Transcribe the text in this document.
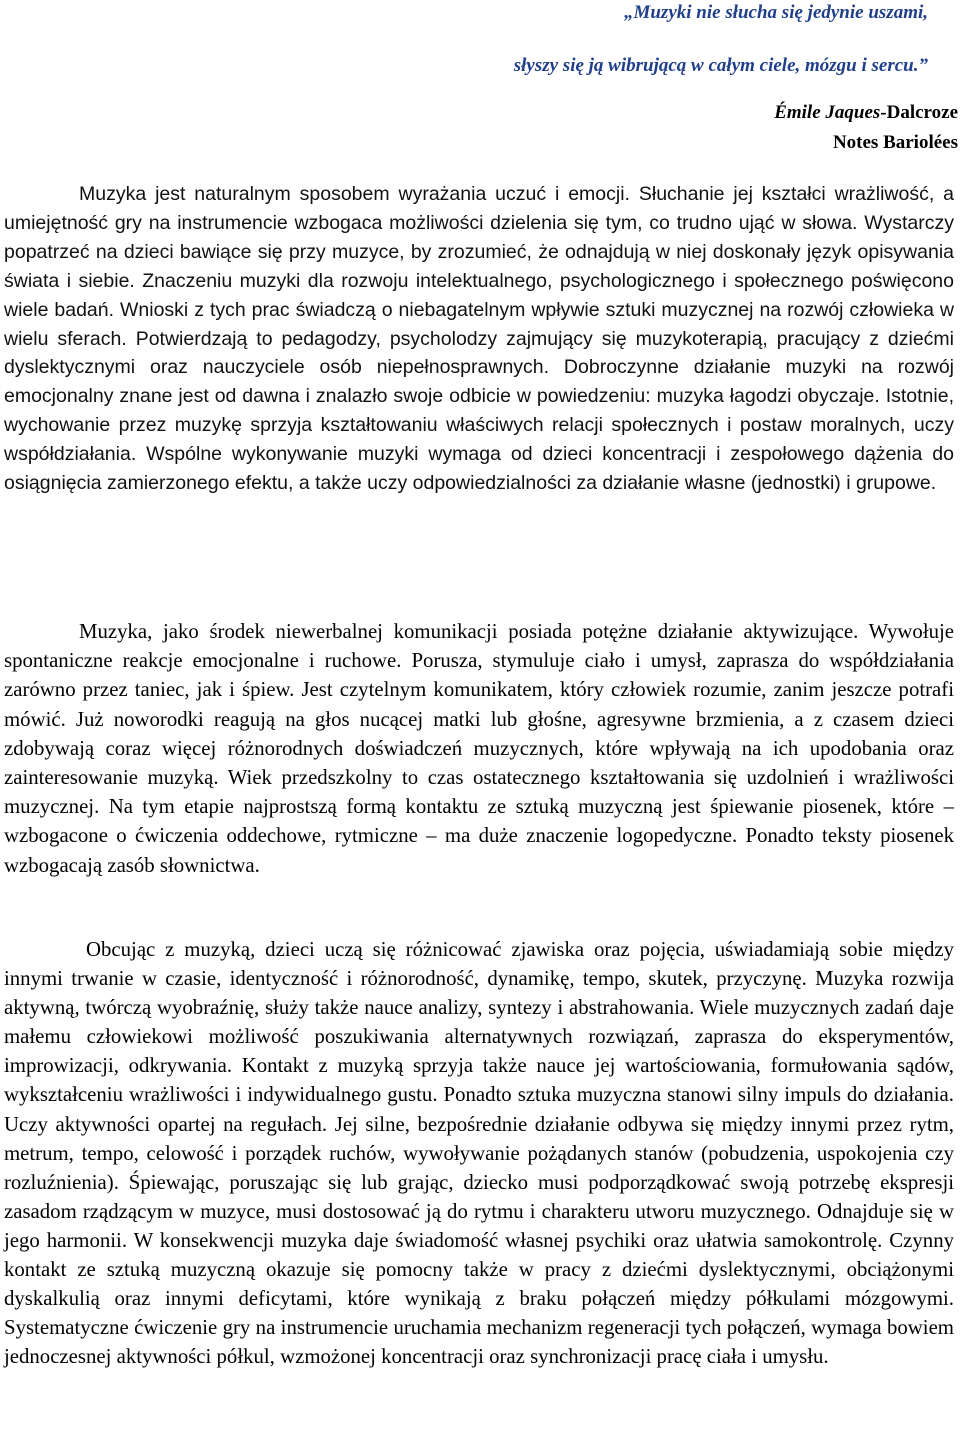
„Muzyki nie słucha się jedynie uszami,
słyszy się ją wibrującą w całym ciele, mózgu i sercu.”
Émile Jaques-Dalcroze
Notes Bariolées

Muzyka jest naturalnym sposobem wyrażania uczuć i emocji. Słuchanie jej kształci wrażliwość, a umiejętność gry na instrumencie wzbogaca możliwości dzielenia się tym, co trudno ująć w słowa. Wystarczy popatrzeć na dzieci bawiące się przy muzyce, by zrozumieć, że odnajdują w niej doskonały język opisywania świata i siebie. Znaczeniu muzyki dla rozwoju intelektualnego, psychologicznego i społecznego poświęcono wiele badań. Wnioski z tych prac świadczą o niebagatelnym wpływie sztuki muzycznej na rozwój człowieka w wielu sferach. Potwierdzają to pedagodzy, psycholodzy zajmujący się muzykoterapią, pracujący z dziećmi dyslektycznymi oraz nauczyciele osób niepełnosprawnych. Dobroczynne działanie muzyki na rozwój emocjonalny znane jest od dawna i znalazło swoje odbicie w powiedzeniu: muzyka łagodzi obyczaje. Istotnie, wychowanie przez muzykę sprzyja kształtowaniu właściwych relacji społecznych i postaw moralnych, uczy współdziałania. Wspólne wykonywanie muzyki wymaga od dzieci koncentracji i zespołowego dążenia do osiągnięcia zamierzonego efektu, a także uczy odpowiedzialności za działanie własne (jednostki) i grupowe.

Muzyka, jako środek niewerbalnej komunikacji posiada potężne działanie aktywizujące. Wywołuje spontaniczne reakcje emocjonalne i ruchowe. Porusza, stymuluje ciało i umysł, zaprasza do współdziałania zarówno przez taniec, jak i śpiew. Jest czytelnym komunikatem, który człowiek rozumie, zanim jeszcze potrafi mówić. Już noworodki reagują na głos nucącej matki lub głośne, agresywne brzmienia, a z czasem dzieci zdobywają coraz więcej różnorodnych doświadczeń muzycznych, które wpływają na ich upodobania oraz zainteresowanie muzyką. Wiek przedszkolny to czas ostatecznego kształtowania się uzdolnień i wrażliwości muzycznej. Na tym etapie najprostszą formą kontaktu ze sztuką muzyczną jest śpiewanie piosenek, które – wzbogacone o ćwiczenia oddechowe, rytmiczne – ma duże znaczenie logopedyczne. Ponadto teksty piosenek wzbogacają zasób słownictwa.

Obcując z muzyką, dzieci uczą się różnicować zjawiska oraz pojęcia, uświadamiają sobie między innymi trwanie w czasie, identyczność i różnorodność, dynamikę, tempo, skutek, przyczynę. Muzyka rozwija aktywną, twórczą wyobraźnię, służy także nauce analizy, syntezy i abstrahowania. Wiele muzycznych zadań daje małemu człowiekowi możliwość poszukiwania alternatywnych rozwiązań, zaprasza do eksperymentów, improwizacji, odkrywania. Kontakt z muzyką sprzyja także nauce jej wartościowania, formułowania sądów, wykształceniu wrażliwości i indywidualnego gustu. Ponadto sztuka muzyczna stanowi silny impuls do działania. Uczy aktywności opartej na regułach. Jej silne, bezpośrednie działanie odbywa się między innymi przez rytm, metrum, tempo, celowość i porządek ruchów, wywoływanie pożądanych stanów (pobudzenia, uspokojenia czy rozluźnienia). Śpiewając, poruszając się lub grając, dziecko musi podporządkować swoją potrzebę ekspresji zasadom rządzącym w muzyce, musi dostosować ją do rytmu i charakteru utworu muzycznego. Odnajduje się w jego harmonii. W konsekwencji muzyka daje świadomość własnej psychiki oraz ułatwia samokontrolę. Czynny kontakt ze sztuką muzyczną okazuje się pomocny także w pracy z dziećmi dyslektycznymi, obciążonymi dyskalkulią oraz innymi deficytami, które wynikają z braku połączeń między półkulami mózgowymi. Systematyczne ćwiczenie gry na instrumencie uruchamia mechanizm regeneracji tych połączeń, wymaga bowiem jednoczesnej aktywności półkul, wzmożonej koncentracji oraz synchronizacji pracę ciała i umysłu.
